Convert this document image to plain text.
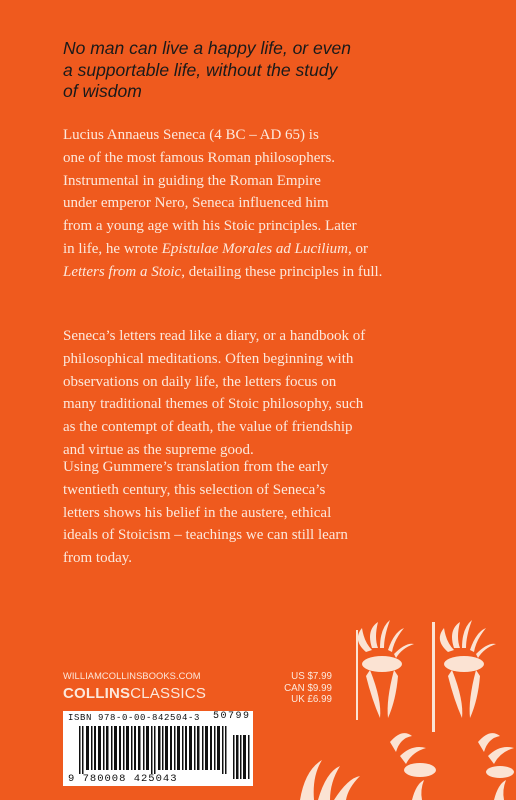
No man can live a happy life, or even
a supportable life, without the study
of wisdom
Lucius Annaeus Seneca (4 BC – AD 65) is
one of the most famous Roman philosophers.
Instrumental in guiding the Roman Empire
under emperor Nero, Seneca influenced him
from a young age with his Stoic principles. Later
in life, he wrote Epistulae Morales ad Lucilium, or
Letters from a Stoic, detailing these principles in full.
Seneca’s letters read like a diary, or a handbook of
philosophical meditations. Often beginning with
observations on daily life, the letters focus on
many traditional themes of Stoic philosophy, such
as the contempt of death, the value of friendship
and virtue as the supreme good.
Using Gummere’s translation from the early
twentieth century, this selection of Seneca’s
letters shows his belief in the austere, ethical
ideals of Stoicism – teachings we can still learn
from today.
WILLIAMCOLLINSBOOKS.COM
COLLINSCLASSICS
US $7.99
CAN $9.99
UK £6.99
ISBN 978-0-00-842504-3
9 780008 425043
50799
